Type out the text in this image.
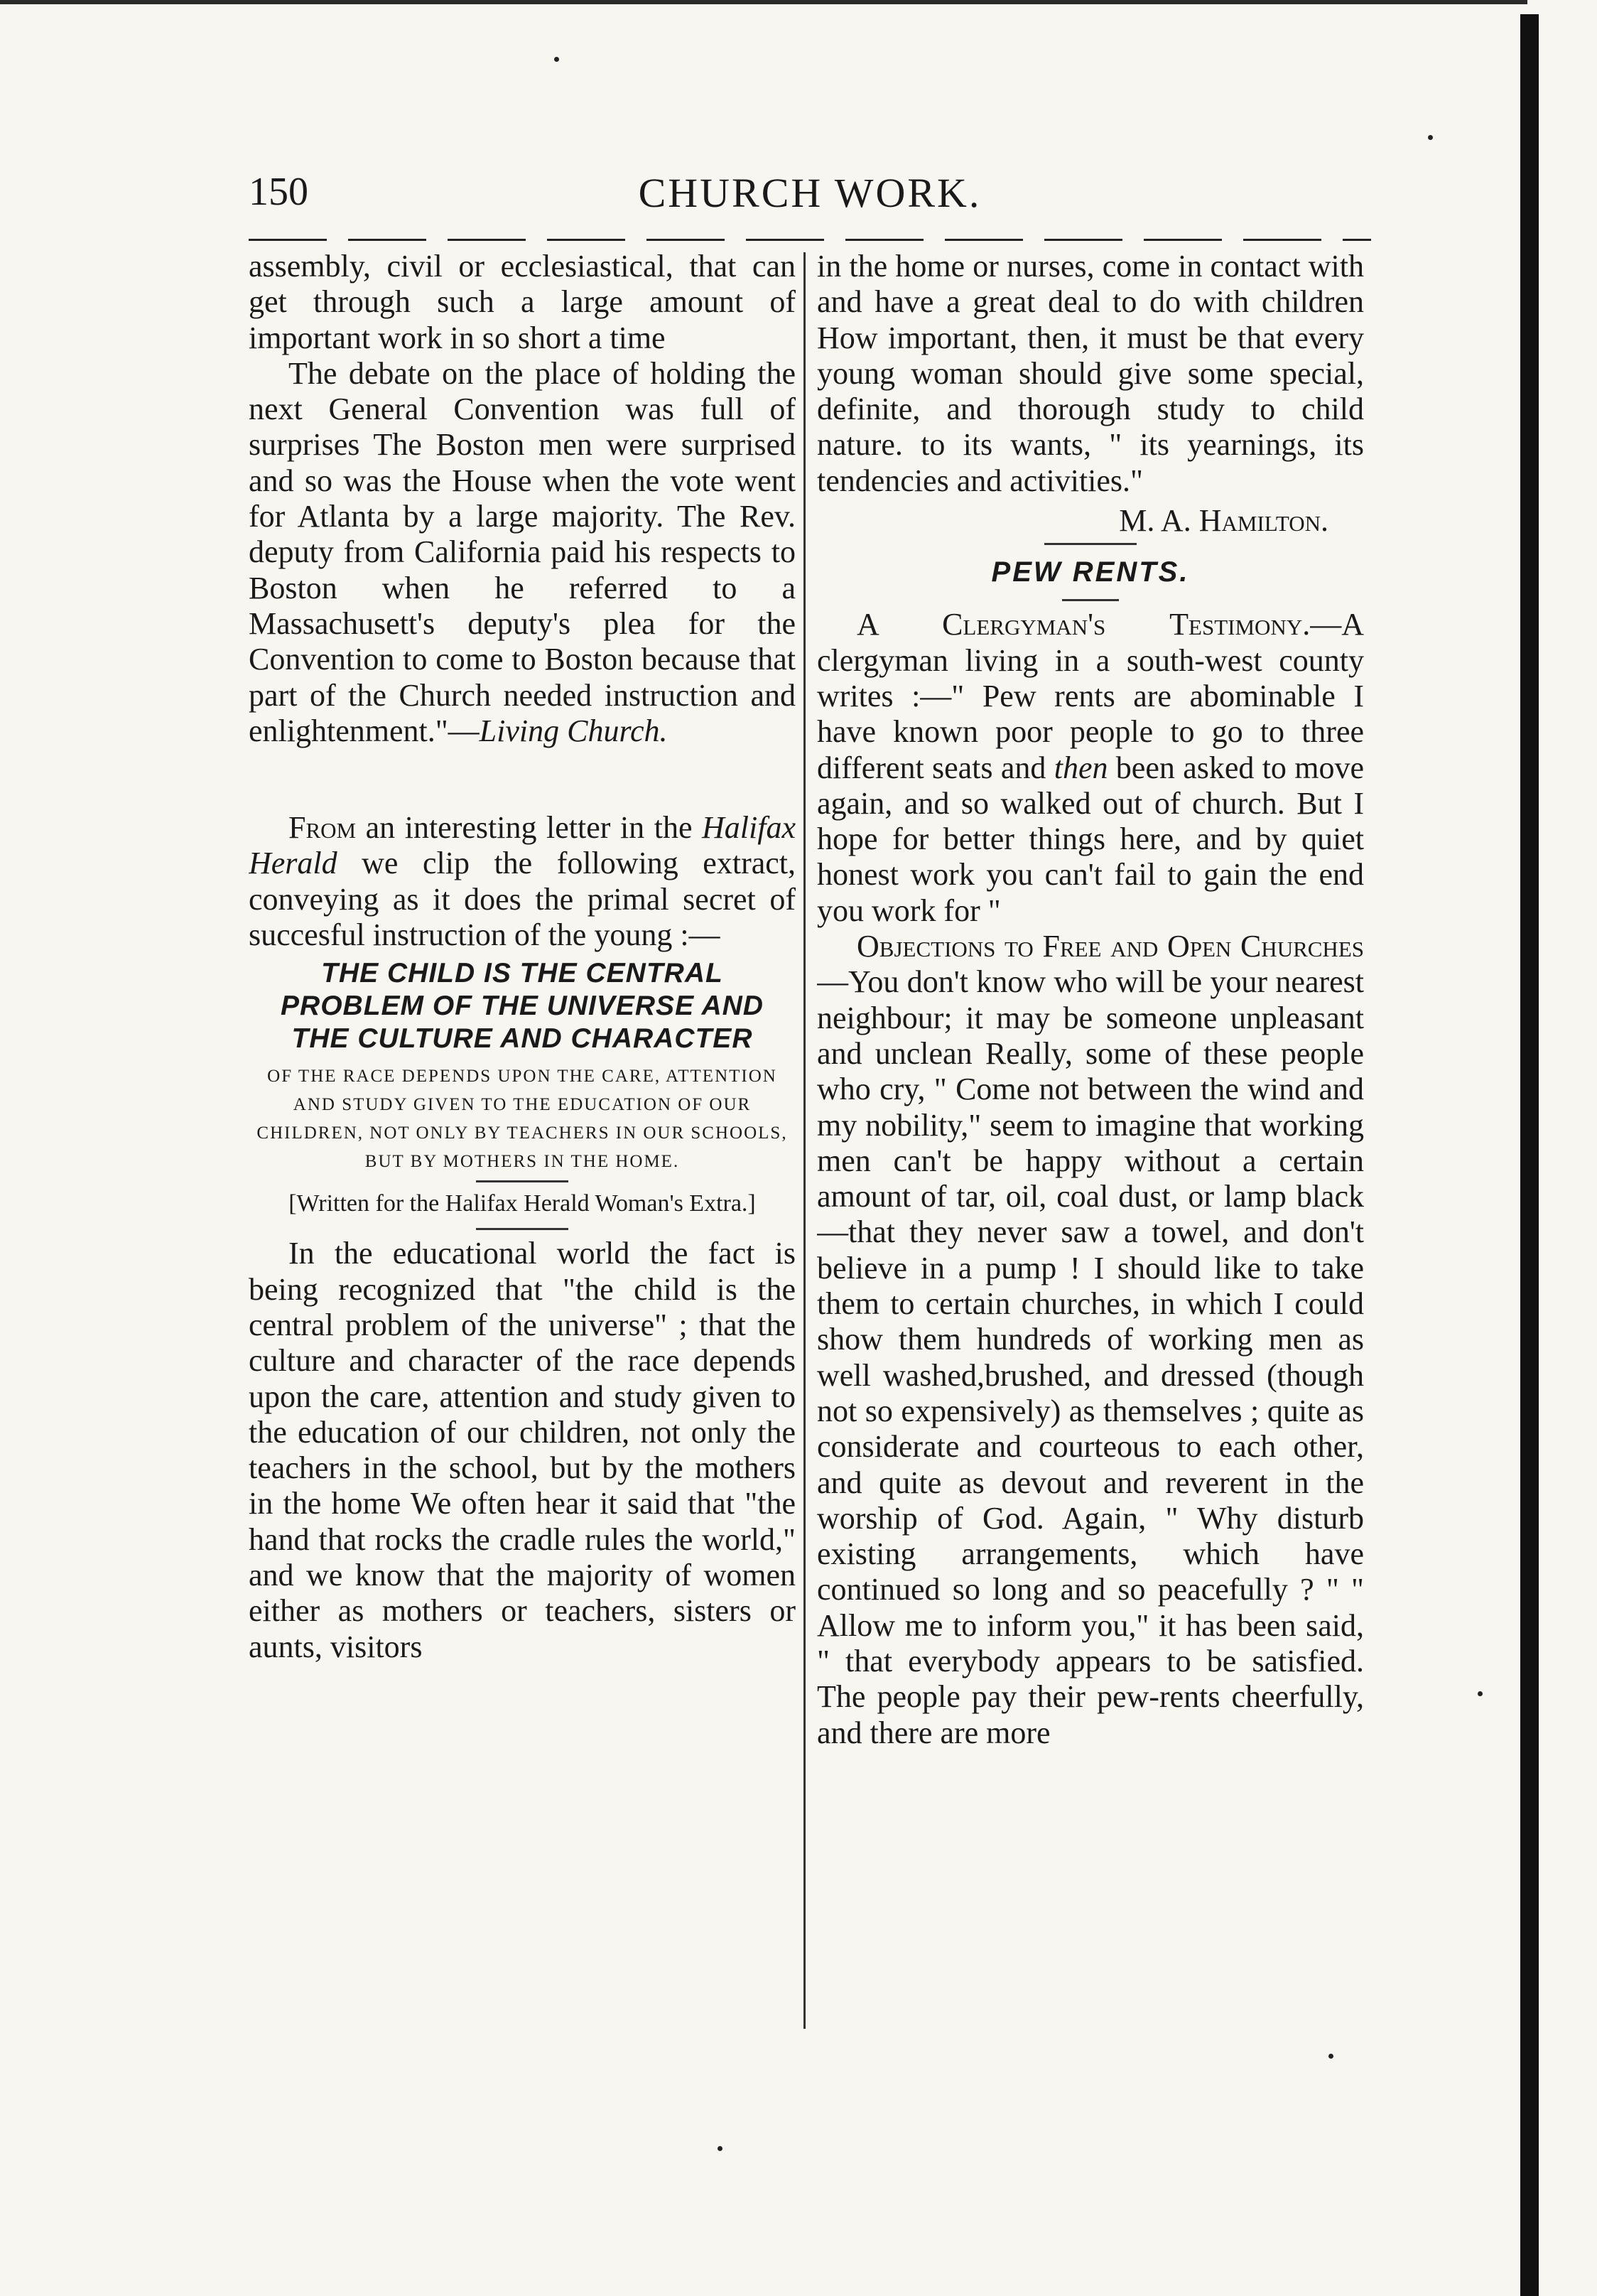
150	CHURCH WORK.

assembly, civil or ecclesiastical, that can get through such a large amount of important work in so short a time

The debate on the place of holding the next General Convention was full of surprises The Boston men were surprised and so was the House when the vote went for Atlanta by a large majority. The Rev. deputy from California paid his respects to Boston when he referred to a Massachusett's deputy's plea for the Convention to come to Boston because that part of the Church needed instruction and enlightenment."—Living Church.

From an interesting letter in the Halifax Herald we clip the following extract, conveying as it does the primal secret of succesful instruction of the young :—

THE CHILD IS THE CENTRAL PROBLEM OF THE UNIVERSE AND THE CULTURE AND CHARACTER
OF THE RACE DEPENDS UPON THE CARE, ATTENTION AND STUDY GIVEN TO THE EDUCATION OF OUR CHILDREN, NOT ONLY BY TEACHERS IN OUR SCHOOLS, BUT BY MOTHERS IN THE HOME.
[Written for the Halifax Herald Woman's Extra.]

In the educational world the fact is being recognized that "the child is the central problem of the universe" ; that the culture and character of the race depends upon the care, attention and study given to the education of our children, not only the teachers in the school, but by the mothers in the home We often hear it said that "the hand that rocks the cradle rules the world," and we know that the majority of women either as mothers or teachers, sisters or aunts, visitors

in the home or nurses, come in contact with and have a great deal to do with children How important, then, it must be that every young woman should give some special, definite, and thorough study to child nature. to its wants, " its yearnings, its tendencies and activities."

M. A. Hamilton.

PEW RENTS.

A Clergyman's Testimony.—A clergyman living in a south-west county writes :—" Pew rents are abominable I have known poor people to go to three different seats and then been asked to move again, and so walked out of church. But I hope for better things here, and by quiet honest work you can't fail to gain the end you work for "

Objections to Free and Open Churches —You don't know who will be your nearest neighbour; it may be someone unpleasant and unclean Really, some of these people who cry, " Come not between the wind and my nobility," seem to imagine that working men can't be happy without a certain amount of tar, oil, coal dust, or lamp black—that they never saw a towel, and don't believe in a pump ! I should like to take them to certain churches, in which I could show them hundreds of working men as well washed,brushed, and dressed (though not so expensively) as themselves ; quite as considerate and courteous to each other, and quite as devout and reverent in the worship of God. Again, " Why disturb existing arrangements, which have continued so long and so peacefully ? " " Allow me to inform you," it has been said, " that everybody appears to be satisfied. The people pay their pew-rents cheerfully, and there are more
